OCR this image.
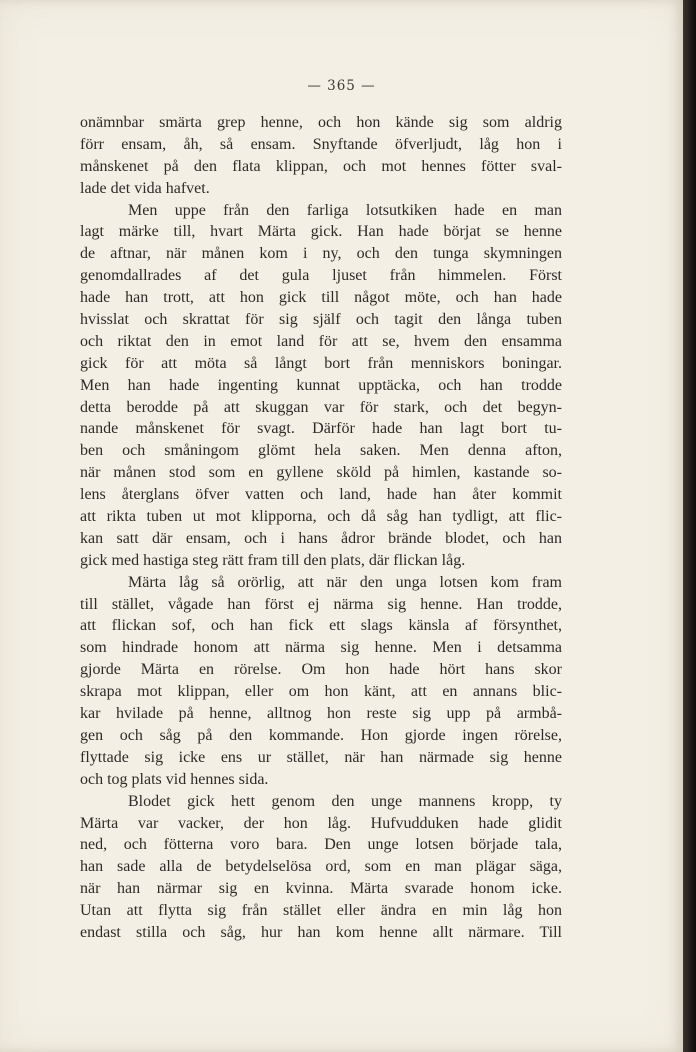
— 365 —
onämnbar smärta grep henne, och hon kände sig som aldrig
förr ensam, åh, så ensam. Snyftande öfverljudt, låg hon i
månskenet på den flata klippan, och mot hennes fötter sval-
lade det vida hafvet.
Men uppe från den farliga lotsutkiken hade en man
lagt märke till, hvart Märta gick. Han hade börjat se henne
de aftnar, när månen kom i ny, och den tunga skymningen
genomdallrades af det gula ljuset från himmelen. Först
hade han trott, att hon gick till något möte, och han hade
hvisslat och skrattat för sig själf och tagit den långa tuben
och riktat den in emot land för att se, hvem den ensamma
gick för att möta så långt bort från menniskors boningar.
Men han hade ingenting kunnat upptäcka, och han trodde
detta berodde på att skuggan var för stark, och det begyn-
nande månskenet för svagt. Därför hade han lagt bort tu-
ben och småningom glömt hela saken. Men denna afton,
när månen stod som en gyllene sköld på himlen, kastande so-
lens återglans öfver vatten och land, hade han åter kommit
att rikta tuben ut mot klipporna, och då såg han tydligt, att flic-
kan satt där ensam, och i hans ådror brände blodet, och han
gick med hastiga steg rätt fram till den plats, där flickan låg.
Märta låg så orörlig, att när den unga lotsen kom fram
till stället, vågade han först ej närma sig henne. Han trodde,
att flickan sof, och han fick ett slags känsla af försynthet,
som hindrade honom att närma sig henne. Men i detsamma
gjorde Märta en rörelse. Om hon hade hört hans skor
skrapa mot klippan, eller om hon känt, att en annans blic-
kar hvilade på henne, alltnog hon reste sig upp på armbå-
gen och såg på den kommande. Hon gjorde ingen rörelse,
flyttade sig icke ens ur stället, när han närmade sig henne
och tog plats vid hennes sida.
Blodet gick hett genom den unge mannens kropp, ty
Märta var vacker, der hon låg. Hufvudduken hade glidit
ned, och fötterna voro bara. Den unge lotsen började tala,
han sade alla de betydelselösa ord, som en man plägar säga,
när han närmar sig en kvinna. Märta svarade honom icke.
Utan att flytta sig från stället eller ändra en min låg hon
endast stilla och såg, hur han kom henne allt närmare. Till
